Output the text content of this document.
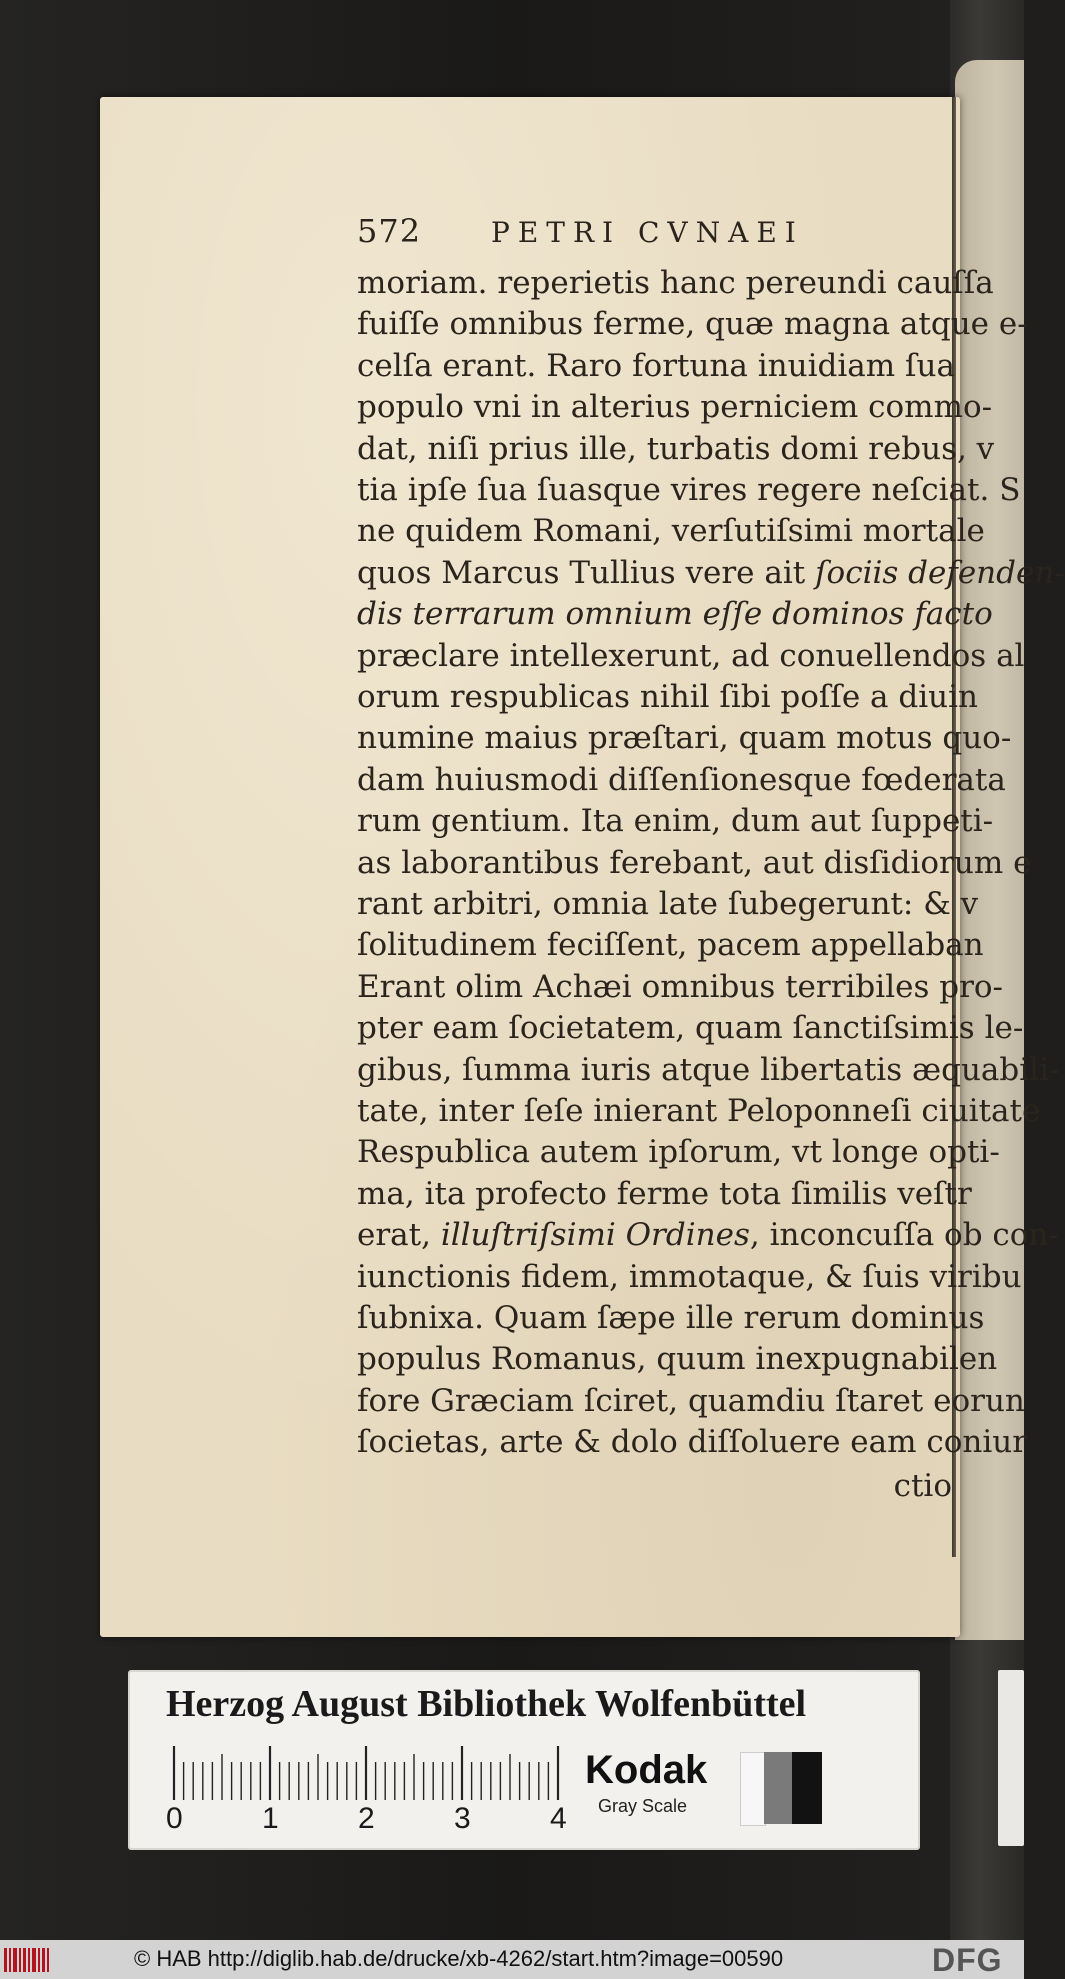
572 PETRI CVNAEI
moriam. reperietis hanc pereundi cauſſa
fuiſſe omnibus ferme, quæ magna atque e-
celſa erant. Raro fortuna inuidiam ſua
populo vni in alterius perniciem commo-
dat, niſi prius ille, turbatis domi rebus, v
tia ipſe ſua ſuasque vires regere neſciat. S
ne quidem Romani, verſutiſsimi mortale
quos Marcus Tullius vere ait ſociis defenden-
dis terrarum omnium eſſe dominos facto
præclare intellexerunt, ad conuellendos al
orum respublicas nihil ſibi poſſe a diuin
numine maius præſtari, quam motus quo-
dam huiusmodi diſſenſionesque fœderata
rum gentium. Ita enim, dum aut ſuppeti-
as laborantibus ferebant, aut disſidiorum e
rant arbitri, omnia late ſubegerunt: & v
ſolitudinem feciſſent, pacem appellaban
Erant olim Achæi omnibus terribiles pro-
pter eam ſocietatem, quam ſanctiſsimis le-
gibus, ſumma iuris atque libertatis æquabili-
tate, inter ſeſe inierant Peloponneſi ciuitate
Respublica autem ipſorum, vt longe opti-
ma, ita profecto ferme tota ſimilis veſtr
erat, illuſtriſsimi Ordines, inconcuſſa ob con-
iunctionis fidem, immotaque, & ſuis viribu
ſubnixa. Quam ſæpe ille rerum dominus
populus Romanus, quum inexpugnabilen
fore Græciam ſciret, quamdiu ſtaret eorun
ſocietas, arte & dolo diſſoluere eam coniur
ctio
Herzog August Bibliothek Wolfenbüttel
0	1	2	3	4
Kodak
Gray Scale
© HAB http://diglib.hab.de/drucke/xb-4262/start.htm?image=00590	DFG
